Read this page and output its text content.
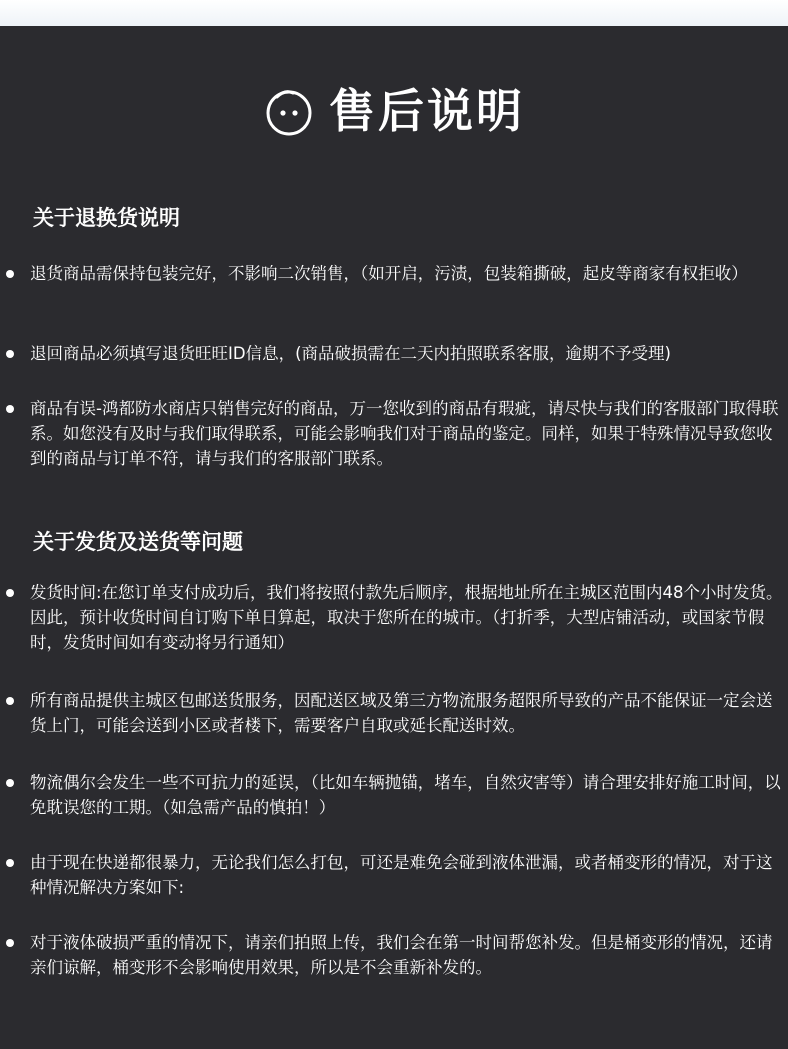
售后说明
关于退换货说明
退货商品需保持包装完好，不影响二次销售，（如开启，污渍，包装箱撕破，起皮等商家有权拒收）
退回商品必须填写退货旺旺ID信息，(商品破损需在二天内拍照联系客服，逾期不予受理)
商品有误-鸿都防水商店只销售完好的商品，万一您收到的商品有瑕疵，请尽快与我们的客服部门取得联系。如您没有及时与我们取得联系，可能会影响我们对于商品的鉴定。同样，如果于特殊情况导致您收到的商品与订单不符，请与我们的客服部门联系。
关于发货及送货等问题
发货时间:在您订单支付成功后，我们将按照付款先后顺序，根据地址所在主城区范围内48个小时发货。因此，预计收货时间自订购下单日算起，取决于您所在的城市。（打折季，大型店铺活动，或国家节假时，发货时间如有变动将另行通知）
所有商品提供主城区包邮送货服务，因配送区域及第三方物流服务超限所导致的产品不能保证一定会送货上门，可能会送到小区或者楼下，需要客户自取或延长配送时效。
物流偶尔会发生一些不可抗力的延误，（比如车辆抛锚，堵车，自然灾害等）请合理安排好施工时间，以免耽误您的工期。（如急需产品的慎拍！）
由于现在快递都很暴力，无论我们怎么打包，可还是难免会碰到液体泄漏，或者桶变形的情况，对于这种情况解决方案如下:
对于液体破损严重的情况下，请亲们拍照上传，我们会在第一时间帮您补发。但是桶变形的情况，还请亲们谅解，桶变形不会影响使用效果，所以是不会重新补发的。
